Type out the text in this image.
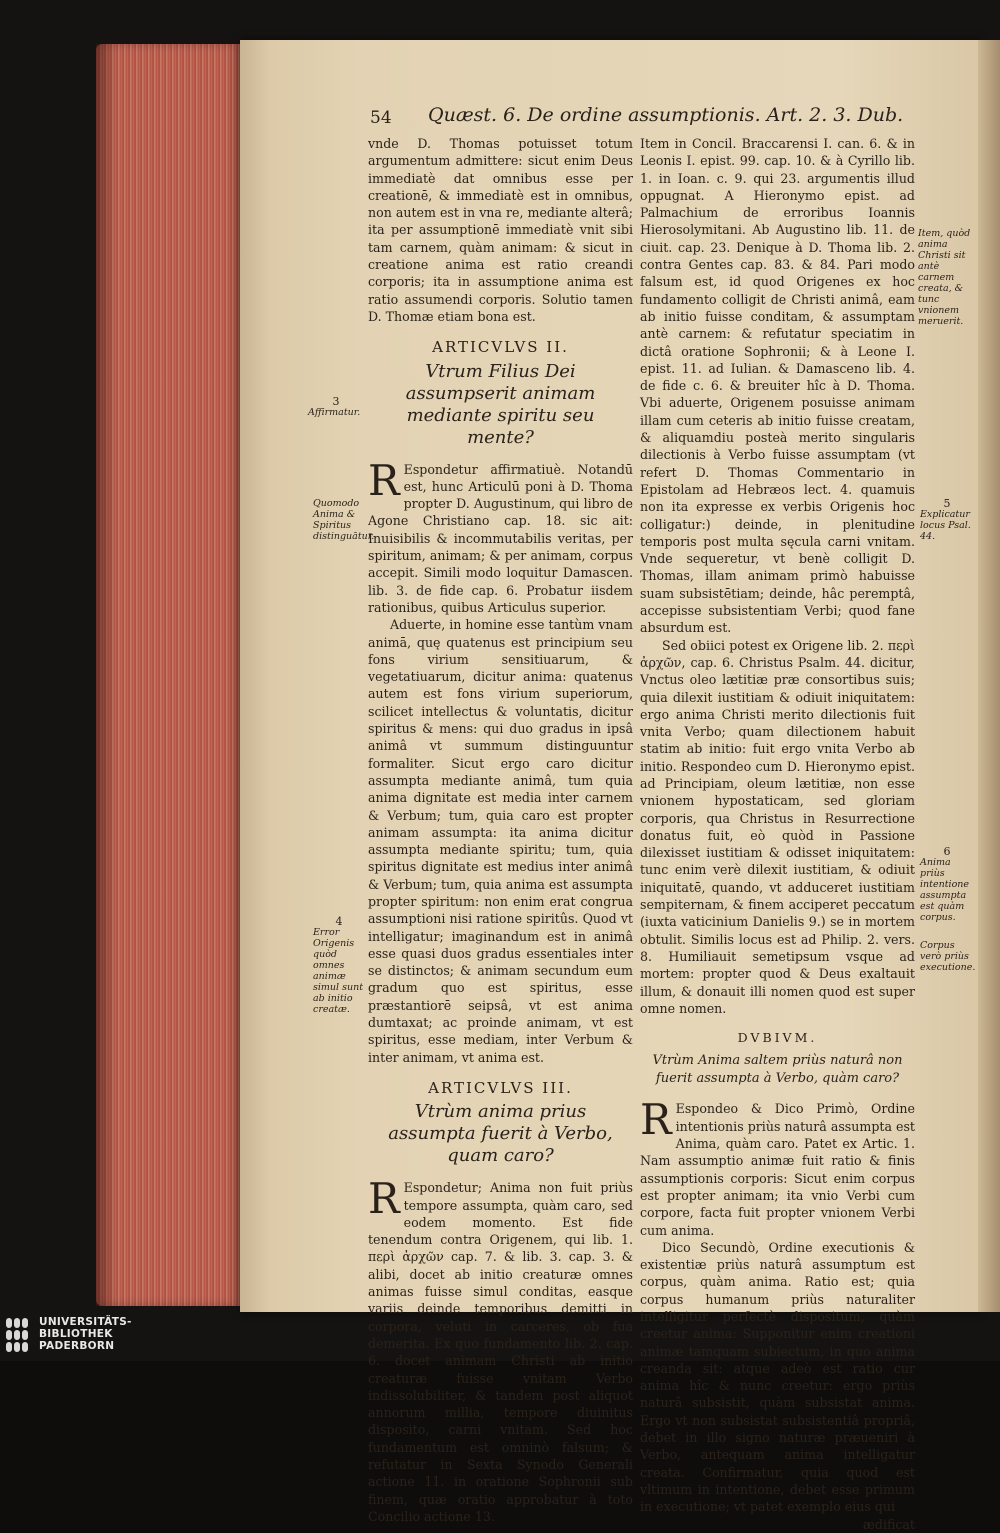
54 Quæst. 6. De ordine assumptionis. Art. 2. 3. Dub.

vnde D. Thomas potuisset totum argumentum admittere: sicut enim Deus immediatè dat omnibus esse per creationē, & immediatè est in omnibus, non autem est in vna re, mediante alterâ; ita per assumptionē immediatè vnit sibi tam carnem, quàm animam: & sicut in creatione anima est ratio creandi corporis; ita in assumptione anima est ratio assumendi corporis. Solutio tamen D. Thomæ etiam bona est.

ARTICVLVS II.
Vtrum Filius Dei assumpserit animam mediante spiritu seu mente?

R Espondetur affirmatiuè. Notandū est, hunc Articulū poni à D. Thoma propter D. Augustinum, qui libro de Agone Christiano cap. 18. sic ait: Inuisibilis & incommutabilis veritas, per spiritum, animam; & per animam, corpus accepit. Simili modo loquitur Damascen. lib. 3. de fide cap. 6. Probatur iisdem rationibus, quibus Articulus superior.

Aduerte, in homine esse tantùm vnam animā, quę quatenus est principium seu fons virium sensitiuarum, & vegetatiuarum, dicitur anima: quatenus autem est fons virium superiorum, scilicet intellectus & voluntatis, dicitur spiritus & mens: qui duo gradus in ipsâ animâ vt summum distinguuntur formaliter. Sicut ergo caro dicitur assumpta mediante animâ, tum quia anima dignitate est media inter carnem & Verbum; tum, quia caro est propter animam assumpta: ita anima dicitur assumpta mediante spiritu; tum, quia spiritus dignitate est medius inter animâ & Verbum; tum, quia anima est assumpta propter spiritum: non enim erat congrua assumptioni nisi ratione spiritûs. Quod vt intelligatur; imaginandum est in animâ esse quasi duos gradus essentiales inter se distinctos; & animam secundum eum gradum quo est spiritus, esse præstantiorē seipsâ, vt est anima dumtaxat; ac proinde animam, vt est spiritus, esse mediam, inter Verbum & inter animam, vt anima est.

ARTICVLVS III.
Vtrùm anima prius assumpta fuerit à Verbo, quam caro?

R Espondetur; Anima non fuit priùs tempore assumpta, quàm caro, sed eodem momento. Est fide tenendum contra Origenem, qui lib. 1. περὶ ἀρχῶν cap. 7. & lib. 3. cap. 3. & alibi, docet ab initio creaturæ omnes animas fuisse simul conditas, easque variis deinde temporibus demitti in corpora, veluti in carceres, ob fua demerita. Ex quo fundamento lib. 2. cap. 6. docet animam Christi ab initio creaturæ fuisse vnitam Verbo indissolubiliter, & tandem post aliquot annorum millia, tempore diuinitus disposito, carni vnitam. Sed hoc fundamentum est omninò falsum; & refutatur in Sexta Synodo Generali actione 11. in oratione Sophronii sub finem, quæ oratio approbatur à toto Concilio actione 13.

Item in Concil. Braccarensi I. can. 6. & in Leonis I. epist. 99. cap. 10. & à Cyrillo lib. 1. in Ioan. c. 9. qui 23. argumentis illud oppugnat. A Hieronymo epist. ad Palmachium de erroribus Ioannis Hierosolymitani. Ab Augustino lib. 11. de ciuit. cap. 23. Denique à D. Thoma lib. 2. contra Gentes cap. 83. & 84. Pari modo falsum est, id quod Origenes ex hoc fundamento colligit de Christi animâ, eam ab initio fuisse conditam, & assumptam antè carnem: & refutatur speciatim in dictâ oratione Sophronii; & à Leone I. epist. 11. ad Iulian. & Damasceno lib. 4. de fide c. 6. & breuiter hîc à D. Thoma. Vbi aduerte, Origenem posuisse animam illam cum ceteris ab initio fuisse creatam, & aliquamdiu posteà merito singularis dilectionis à Verbo fuisse assumptam (vt refert D. Thomas Commentario in Epistolam ad Hebræos lect. 4. quamuis non ita expresse ex verbis Origenis hoc colligatur:) deinde, in plenitudine temporis post multa sęcula carni vnitam. Vnde sequeretur, vt benè colligit D. Thomas, illam animam primò habuisse suam subsistētiam; deinde, hâc peremptâ, accepisse subsistentiam Verbi; quod fane absurdum est.

Sed obiici potest ex Origene lib. 2. περὶ ἀρχῶν, cap. 6. Christus Psalm. 44. dicitur, Vnctus oleo lætitiæ præ consortibus suis; quia dilexit iustitiam & odiuit iniquitatem: ergo anima Christi merito dilectionis fuit vnita Verbo; quam dilectionem habuit statim ab initio: fuit ergo vnita Verbo ab initio. Respondeo cum D. Hieronymo epist. ad Principiam, oleum lætitiæ, non esse vnionem hypostaticam, sed gloriam corporis, qua Christus in Resurrectione donatus fuit, eò quòd in Passione dilexisset iustitiam & odisset iniquitatem: tunc enim verè dilexit iustitiam, & odiuit iniquitatē, quando, vt adduceret iustitiam sempiternam, & finem acciperet peccatum (iuxta vaticinium Danielis 9.) se in mortem obtulit. Similis locus est ad Philip. 2. vers. 8. Humiliauit semetipsum vsque ad mortem: propter quod & Deus exaltauit illum, & donauit illi nomen quod est super omne nomen.

DVBIVM.
Vtrùm Anima saltem priùs naturâ non fuerit assumpta à Verbo, quàm caro?

R Espondeo & Dico Primò, Ordine intentionis priùs naturâ assumpta est Anima, quàm caro. Patet ex Artic. 1. Nam assumptio animæ fuit ratio & finis assumptionis corporis: Sicut enim corpus est propter animam; ita vnio Verbi cum corpore, facta fuit propter vnionem Verbi cum anima.

Dico Secundò, Ordine executionis & existentiæ priùs naturâ assumptum est corpus, quàm anima. Ratio est; quia corpus humanum priùs naturaliter intelligitur perfectè dispositum, quàm creetur anima: Supponitur enim creationi animæ tamquam subiectum, in quo anima creanda sit: atque adeò est ratio cur anima hîc & nunc creetur: ergo priùs naturâ subsistit, quàm subsistat anima. Ergo vt non subsistat subsistentiâ propriâ, debet in illo signo naturæ præueniri à Verbo, antequam anima intelligatur creata. Confirmatur, quia quod est vltimum in intentione, debet esse primum in executione; vt patet exemplo eius qui

ædificat

3
Affirmatur.
Quomodo Anima & Spiritus distinguātur.
4
Error Origenis quòd omnes animæ simul sunt ab initio creatæ.
Item, quòd anima Christi sit antè carnem creata, & tunc vnionem meruerit.
5
Explicatur locus Psal. 44.
6
Anima priùs intentione assumpta est quàm corpus.
Corpus verò priùs executione.
UNIVERSITÄTS-
BIBLIOTHEK
PADERBORN
